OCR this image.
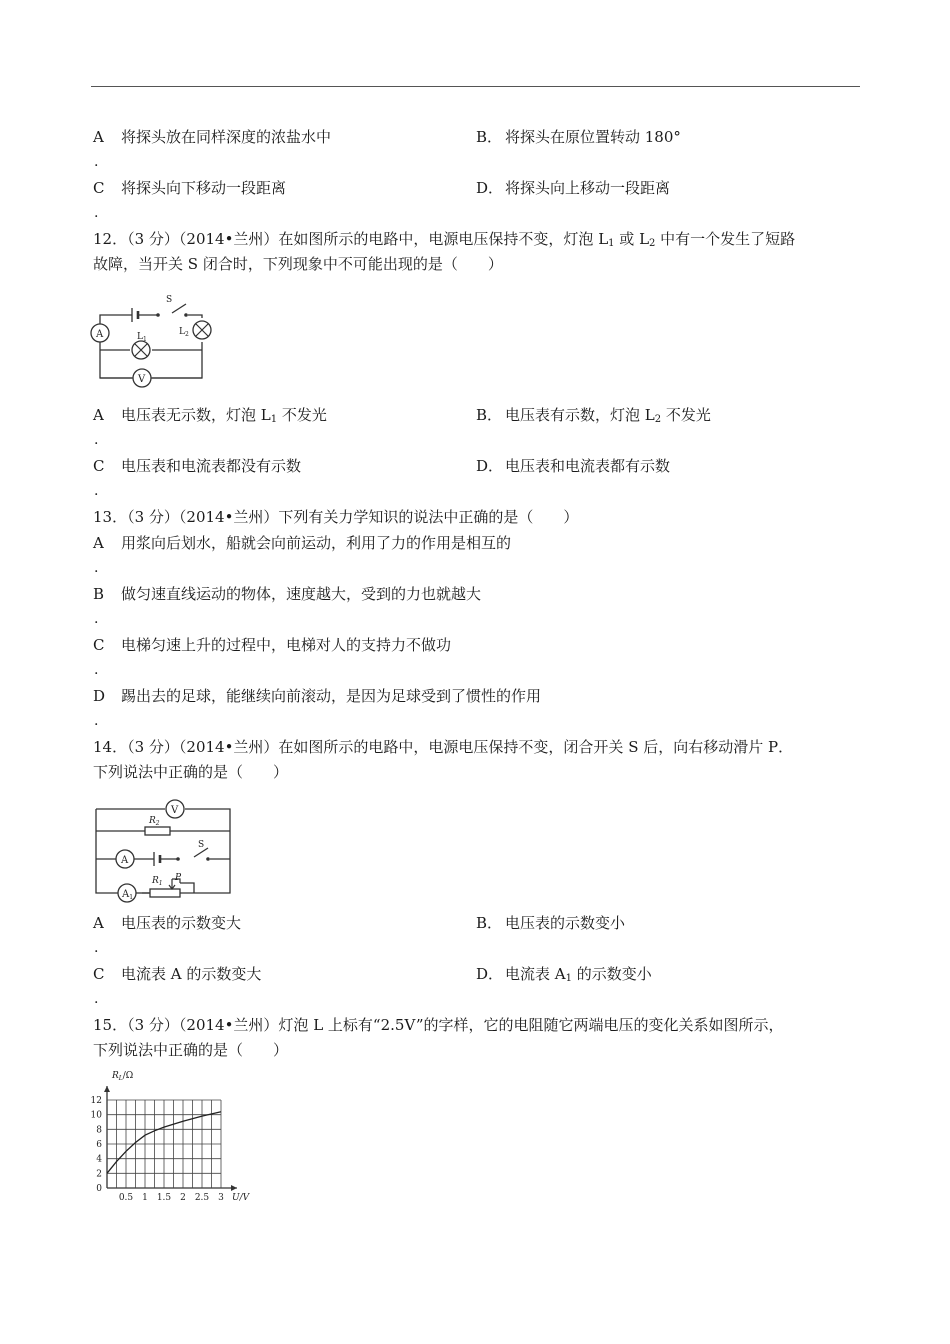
A 将探头放在同样深度的浓盐水中
.
B． 将探头在原位置转动 180°
C 将探头向下移动一段距离
.
D． 将探头向上移动一段距离
12．（3 分）（2014•兰州）在如图所示的电路中，电源电压保持不变，灯泡 $L_1$ 或 $L_2$ 中有一个发生了短路
故障，当开关 S 闭合时，下列现象中不可能出现的是（　　）
S
A	$L_1$
$L_2$
V
A 电压表无示数，灯泡 $L_1$ 不发光
.
B． 电压表有示数，灯泡 $L_2$ 不发光
C 电压表和电流表都没有示数
.
D． 电压表和电流表都有示数
13．（3 分）（2014•兰州）下列有关力学知识的说法中正确的是（　　）
A 用浆向后划水，船就会向前运动，利用了力的作用是相互的
.
B 做匀速直线运动的物体，速度越大，受到的力也就越大
.
C 电梯匀速上升的过程中，电梯对人的支持力不做功
.
D 踢出去的足球，能继续向前滚动，是因为足球受到了惯性的作用
.
14．（3 分）（2014•兰州）在如图所示的电路中，电源电压保持不变，闭合开关 S 后，向右移动滑片 P．
下列说法中正确的是（　　）
V
$R_2$
A
S
$A_1$
$R_1$
P
A 电压表的示数变大
.
B． 电压表的示数变小
C 电流表 A 的示数变大
.
D． 电流表 $A_1$ 的示数变小
15．（3 分）（2014•兰州）灯泡 L 上标有“2.5V”的字样，它的电阻随它两端电压的变化关系如图所示，
下列说法中正确的是（　　）
$R_L/\Omega$
U/V
0.5 1 1.5 2 2.5 3
0
2
4
6
8
10
12
